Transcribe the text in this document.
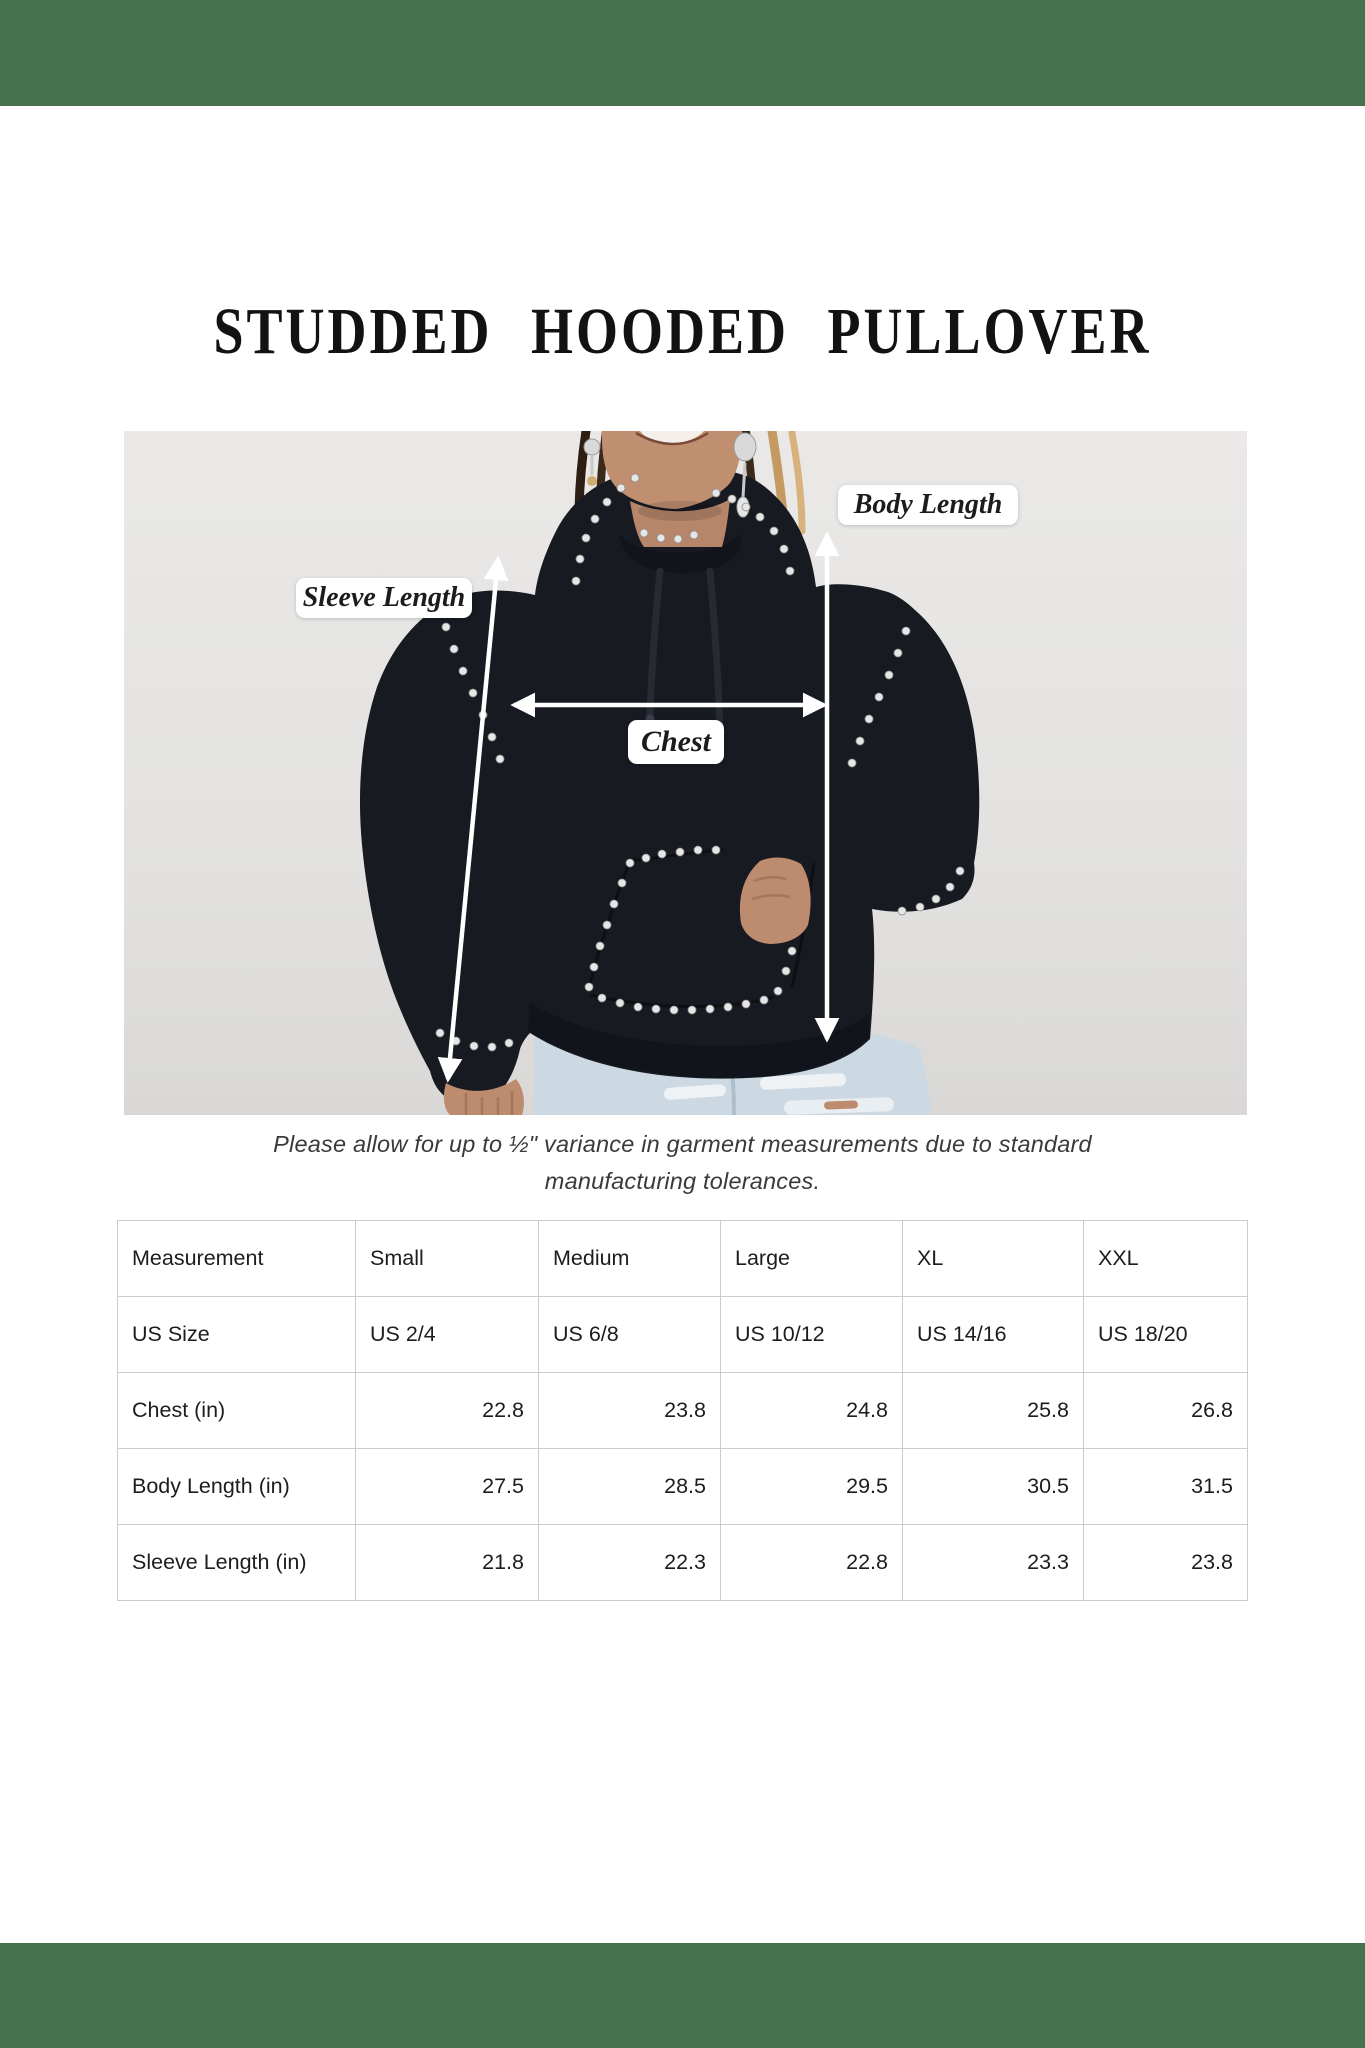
STUDDED HOODED PULLOVER
Body Length
Sleeve Length
Chest
Please allow for up to ½" variance in garment measurements due to standard
manufacturing tolerances.
Measurement	Small	Medium	Large	XL	XXL
US Size	US 2/4	US 6/8	US 10/12	US 14/16	US 18/20
Chest (in)	22.8	23.8	24.8	25.8	26.8
Body Length (in)	27.5	28.5	29.5	30.5	31.5
Sleeve Length (in)	21.8	22.3	22.8	23.3	23.8
